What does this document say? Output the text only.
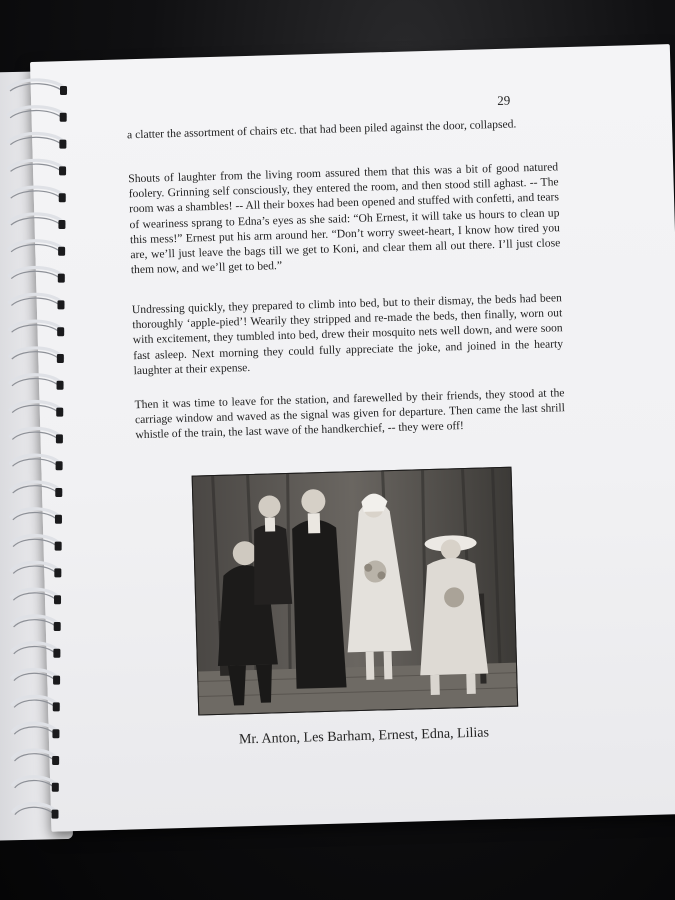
29

a clatter the assortment of chairs etc. that had been piled against the door, collapsed.

Shouts of laughter from the living room assured them that this was a bit of good natured foolery. Grinning self consciously, they entered the room, and then stood still aghast. -- The room was a shambles! -- All their boxes had been opened and stuffed with confetti, and tears of weariness sprang to Edna’s eyes as she said: “Oh Ernest, it will take us hours to clean up this mess!” Ernest put his arm around her. “Don’t worry sweet-heart, I know how tired you are, we’ll just leave the bags till we get to Koni, and clear them all out there. I’ll just close them now, and we’ll get to bed.”

Undressing quickly, they prepared to climb into bed, but to their dismay, the beds had been thoroughly ‘apple-pied’! Wearily they stripped and re-made the beds, then finally, worn out with excitement, they tumbled into bed, drew their mosquito nets well down, and were soon fast asleep. Next morning they could fully appreciate the joke, and joined in the hearty laughter at their expense.

Then it was time to leave for the station, and farewelled by their friends, they stood at the carriage window and waved as the signal was given for departure. Then came the last shrill whistle of the train, the last wave of the handkerchief, -- they were off!

Mr. Anton, Les Barham, Ernest, Edna, Lilias
